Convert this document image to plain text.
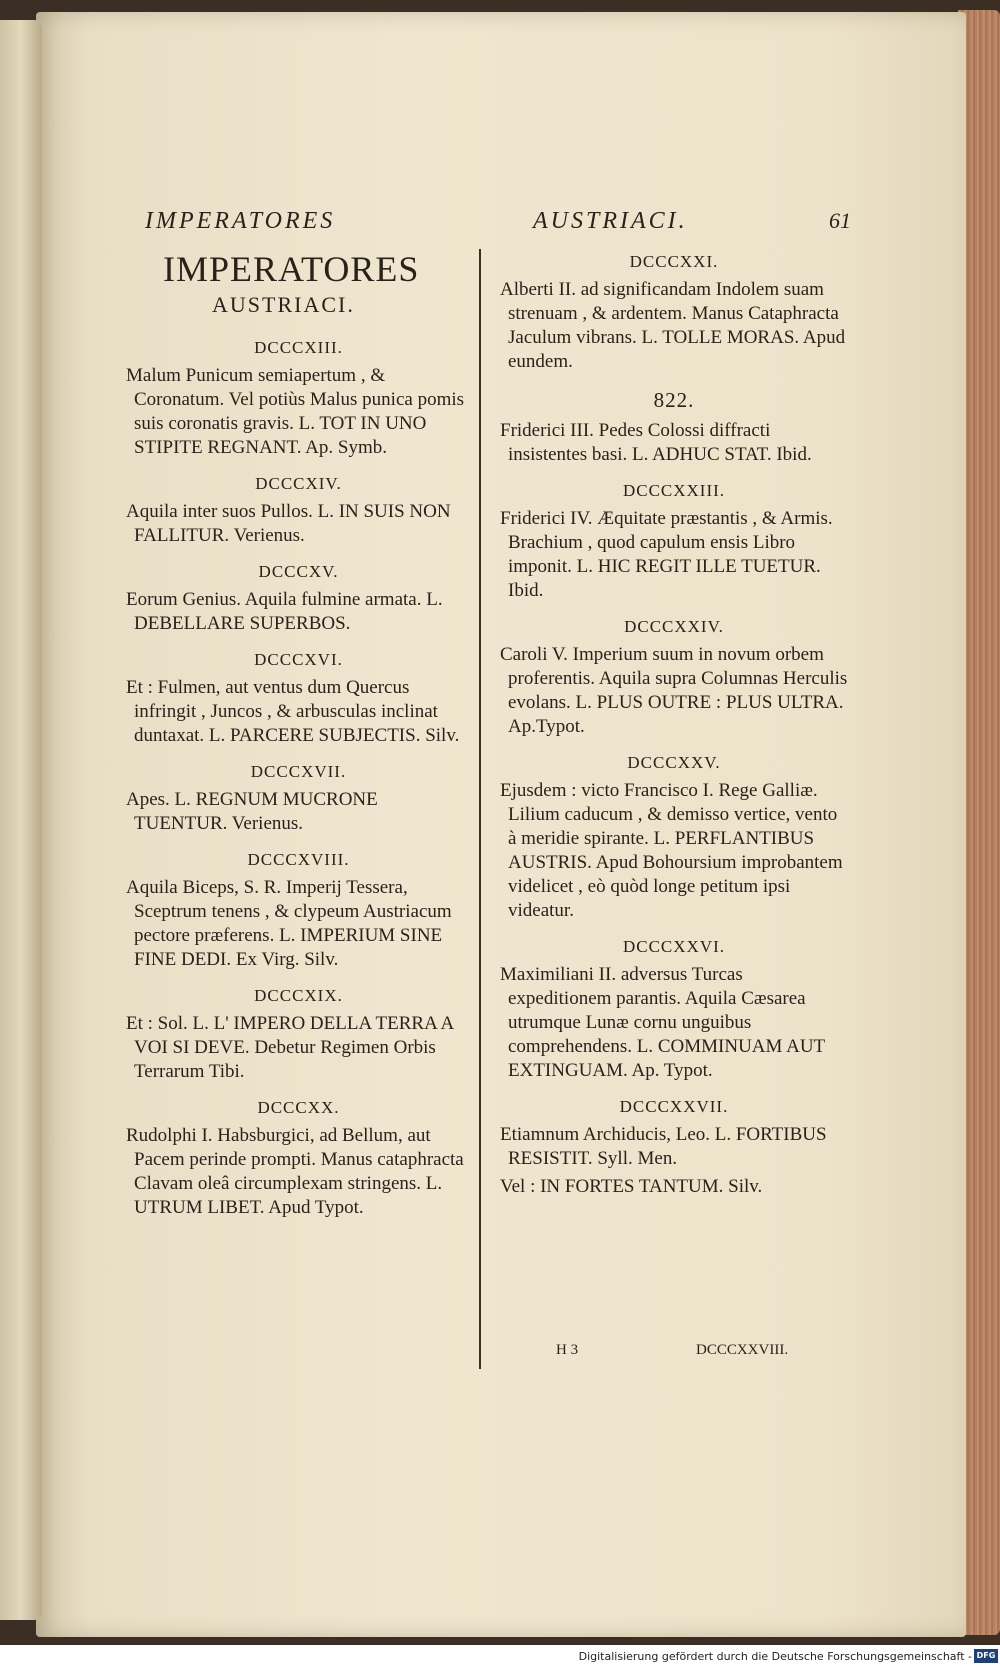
IMPERATORES	AUSTRIACI.	61
IMPERATORES
AUSTRIACI.

DCCCXIII.

Malum Punicum semiapertum , & Coronatum. Vel potiùs Malus punica pomis suis coronatis gravis. L. TOT IN UNO STIPITE REGNANT. Ap. Symb.

DCCCXIV.

Aquila inter suos Pullos. L. IN SUIS NON FALLITUR. Verienus.

DCCCXV.

Eorum Genius. Aquila fulmine armata. L. DEBELLARE SUPERBOS.

DCCCXVI.

Et : Fulmen, aut ventus dum Quercus infringit , Juncos , & arbusculas inclinat duntaxat. L. PARCERE SUBJECTIS. Silv.

DCCCXVII.

Apes. L. REGNUM MUCRONE TUENTUR. Verienus.

DCCCXVIII.

Aquila Biceps, S. R. Imperij Tessera, Sceptrum tenens , & clypeum Austriacum pectore præferens. L. IMPERIUM SINE FINE DEDI. Ex Virg. Silv.

DCCCXIX.

Et : Sol. L. L' IMPERO DELLA TERRA A VOI SI DEVE. Debetur Regimen Orbis Terrarum Tibi.

DCCCXX.

Rudolphi I. Habsburgici, ad Bellum, aut Pacem perinde prompti. Manus cataphracta Clavam oleâ circumplexam stringens. L. UTRUM LIBET. Apud Typot.

DCCCXXI.

Alberti II. ad significandam Indolem suam strenuam , & ardentem. Manus Cataphracta Jaculum vibrans. L. TOLLE MORAS. Apud eundem.

822.

Friderici III. Pedes Colossi diffracti insistentes basi. L. ADHUC STAT. Ibid.

DCCCXXIII.

Friderici IV. Æquitate præstantis , & Armis. Brachium , quod capulum ensis Libro imponit. L. HIC REGIT ILLE TUETUR. Ibid.

DCCCXXIV.

Caroli V. Imperium suum in novum orbem proferentis. Aquila supra Columnas Herculis evolans. L. PLUS OUTRE : PLUS ULTRA. Ap.Typot.

DCCCXXV.

Ejusdem : victo Francisco I. Rege Galliæ. Lilium caducum , & demisso vertice, vento à meridie spirante. L. PERFLANTIBUS AUSTRIS. Apud Bohoursium improbantem videlicet , eò quòd longe petitum ipsi videatur.

DCCCXXVI.

Maximiliani II. adversus Turcas expeditionem parantis. Aquila Cæsarea utrumque Lunæ cornu unguibus comprehendens. L. COMMINUAM AUT EXTINGUAM. Ap. Typot.

DCCCXXVII.

Etiamnum Archiducis, Leo. L. FORTIBUS RESISTIT. Syll. Men.

Vel : IN FORTES TANTUM. Silv.

H 3	DCCCXXVIII.
Digitalisierung gefördert durch die Deutsche Forschungsgemeinschaft - DFG
